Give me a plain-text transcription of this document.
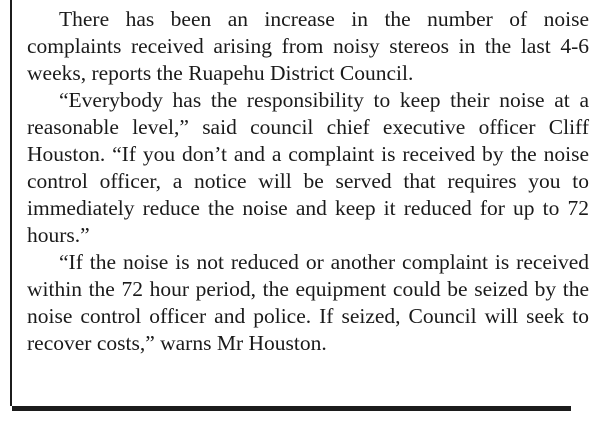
There has been an increase in the number of noise complaints received arising from noisy stereos in the last 4-6 weeks, reports the Ruapehu District Council.

“Everybody has the responsibility to keep their noise at a reasonable level,” said council chief executive officer Cliff Houston. “If you don’t and a complaint is received by the noise control officer, a notice will be served that requires you to immediately reduce the noise and keep it reduced for up to 72 hours.”

“If the noise is not reduced or another complaint is received within the 72 hour period, the equipment could be seized by the noise control officer and police. If seized, Council will seek to recover costs,” warns Mr Houston.
